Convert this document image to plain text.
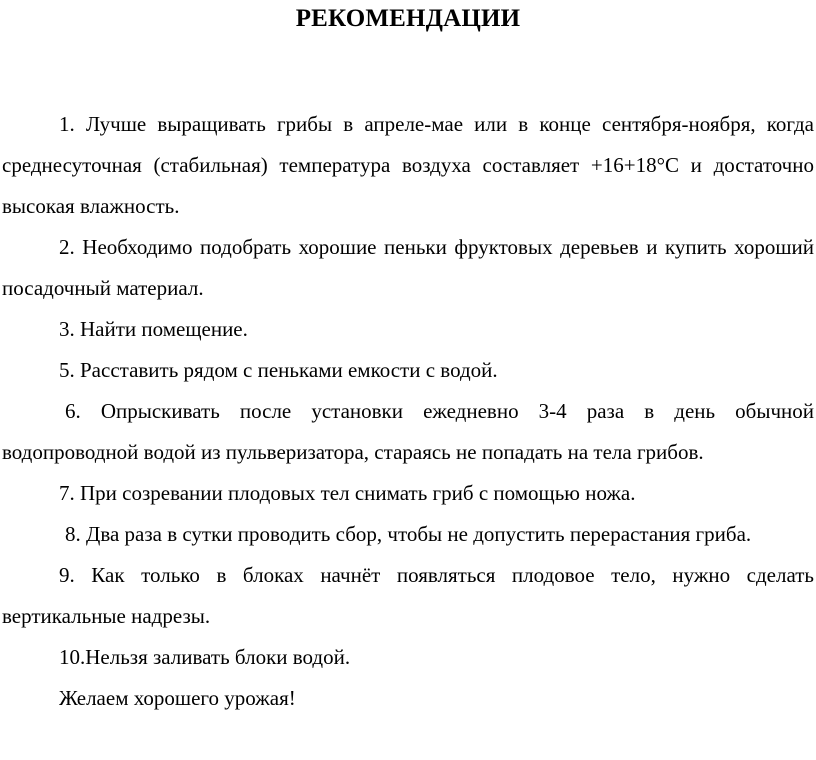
РЕКОМЕНДАЦИИ

1. Лучше выращивать грибы в апреле-мае или в конце сентября-ноября, когда среднесуточная (стабильная) температура воздуха составляет +16+18°С и достаточно высокая влажность.

2. Необходимо подобрать хорошие пеньки фруктовых деревьев и купить хороший посадочный материал.

3. Найти помещение.

5. Расставить рядом с пеньками емкости с водой.

6. Опрыскивать после установки ежедневно 3-4 раза в день обычной водопроводной водой из пульверизатора, стараясь не попадать на тела грибов.

7. При созревании плодовых тел снимать гриб с помощью ножа.

8. Два раза в сутки проводить сбор, чтобы не допустить перерастания гриба.

9. Как только в блоках начнёт появляться плодовое тело, нужно сделать вертикальные надрезы.

10.Нельзя заливать блоки водой.

Желаем хорошего урожая!
